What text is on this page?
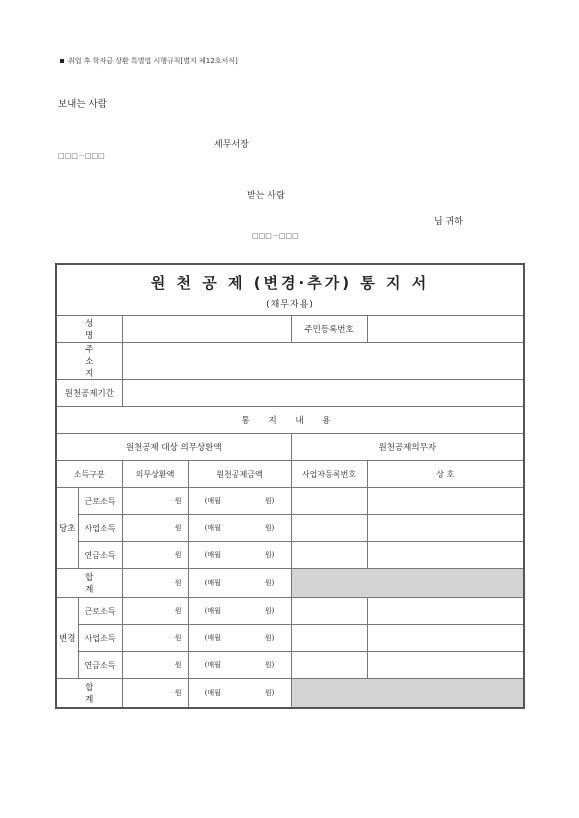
취업 후 학자금 상환 특별법 시행규칙[별지 제12호서식]
보내는 사람
세무서장
□□□－□□□
받는 사람
님 귀하
□□□－□□□
원 천 공 제 (변경·추가) 통 지 서
(채무자용)					

성 명				주민등록번호	
주 소 지					
원천공제기간					
통 지 내 용					
원천공제 대상 의무상환액				원천공제의무자	
소득구분		의무상환액	원천공제금액	사업자등록번호	상 호
당초	근로소득	원	(매월 원)		
	사업소득	원	(매월 원)		
	연금소득	원	(매월 원)		
합 계		원	(매월 원)		
변경	근로소득	원	(매월 원)		
	사업소득	원	(매월 원)		
	연금소득	원	(매월 원)		
합 계		원	(매월 원)		
